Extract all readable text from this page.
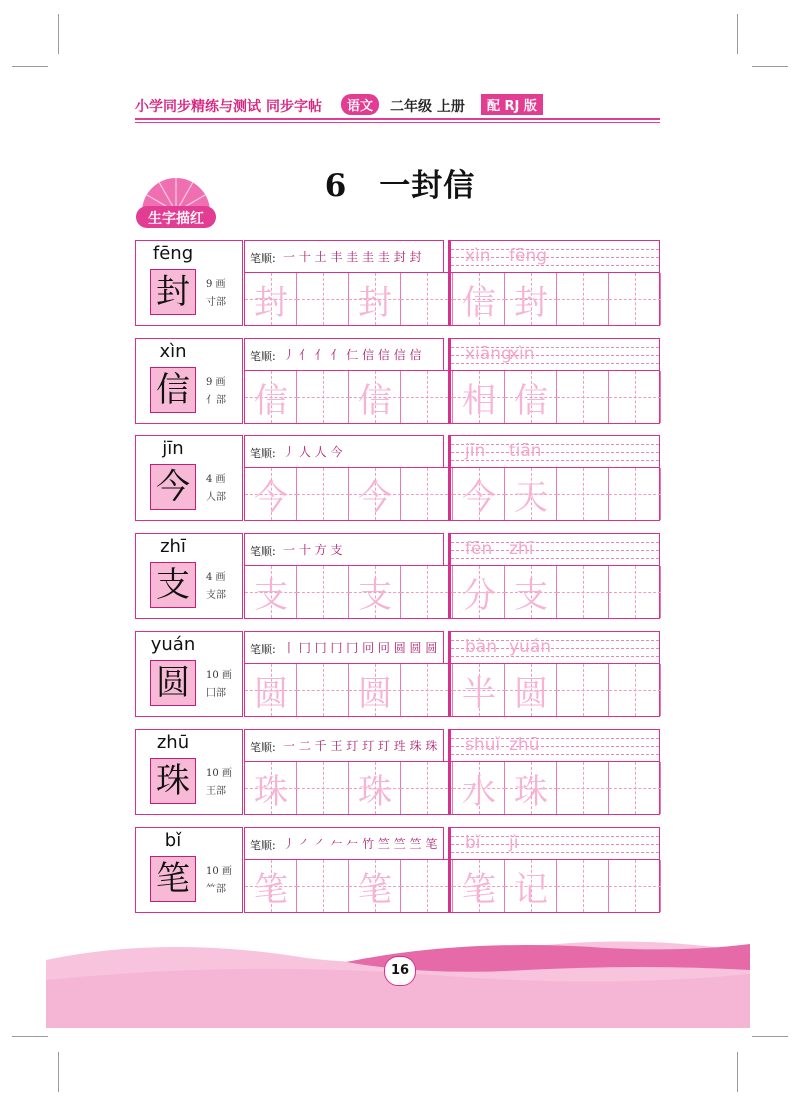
小学同步精练与测试 同步字帖	语文	二年级 上册	配 RJ 版
6　一封信
生字描红
fēng
封	9 画
寸部
笔顺: 一 十 土 丰 圭 圭 圭 封 封	xìn fēng
封 封 信 封
xìn
信	9 画
亻部
笔顺: 丿 亻 亻 亻 仁 信 信 信 信	xiāng
xìn
信 信 相 信
jīn
今	4 画
人部
笔顺: 丿 人 人 今	jīn tiān
今 今 今 天
zhī
支	4 画
支部
笔顺: 一 十 方 支	fēn zhī
支 支 分 支
yuán
圆	10 画
囗部
笔顺: 丨 冂 冂 冂 冂 冋 冋 圆 圆 圆 bàn yuán
圆 圆 半 圆
zhū
珠	10 画
王部
笔顺: 一 二 千 王 玎 玎 玎 珄 珠 珠 shuǐ zhū
珠 珠 水 珠
bǐ
笔	10 画
⺮部
笔顺: 丿 ㇒ ㇒ 𠂉 𠂉 竹 竺 竺 竺 笔 bǐ jì
笔 笔 笔 记
16
